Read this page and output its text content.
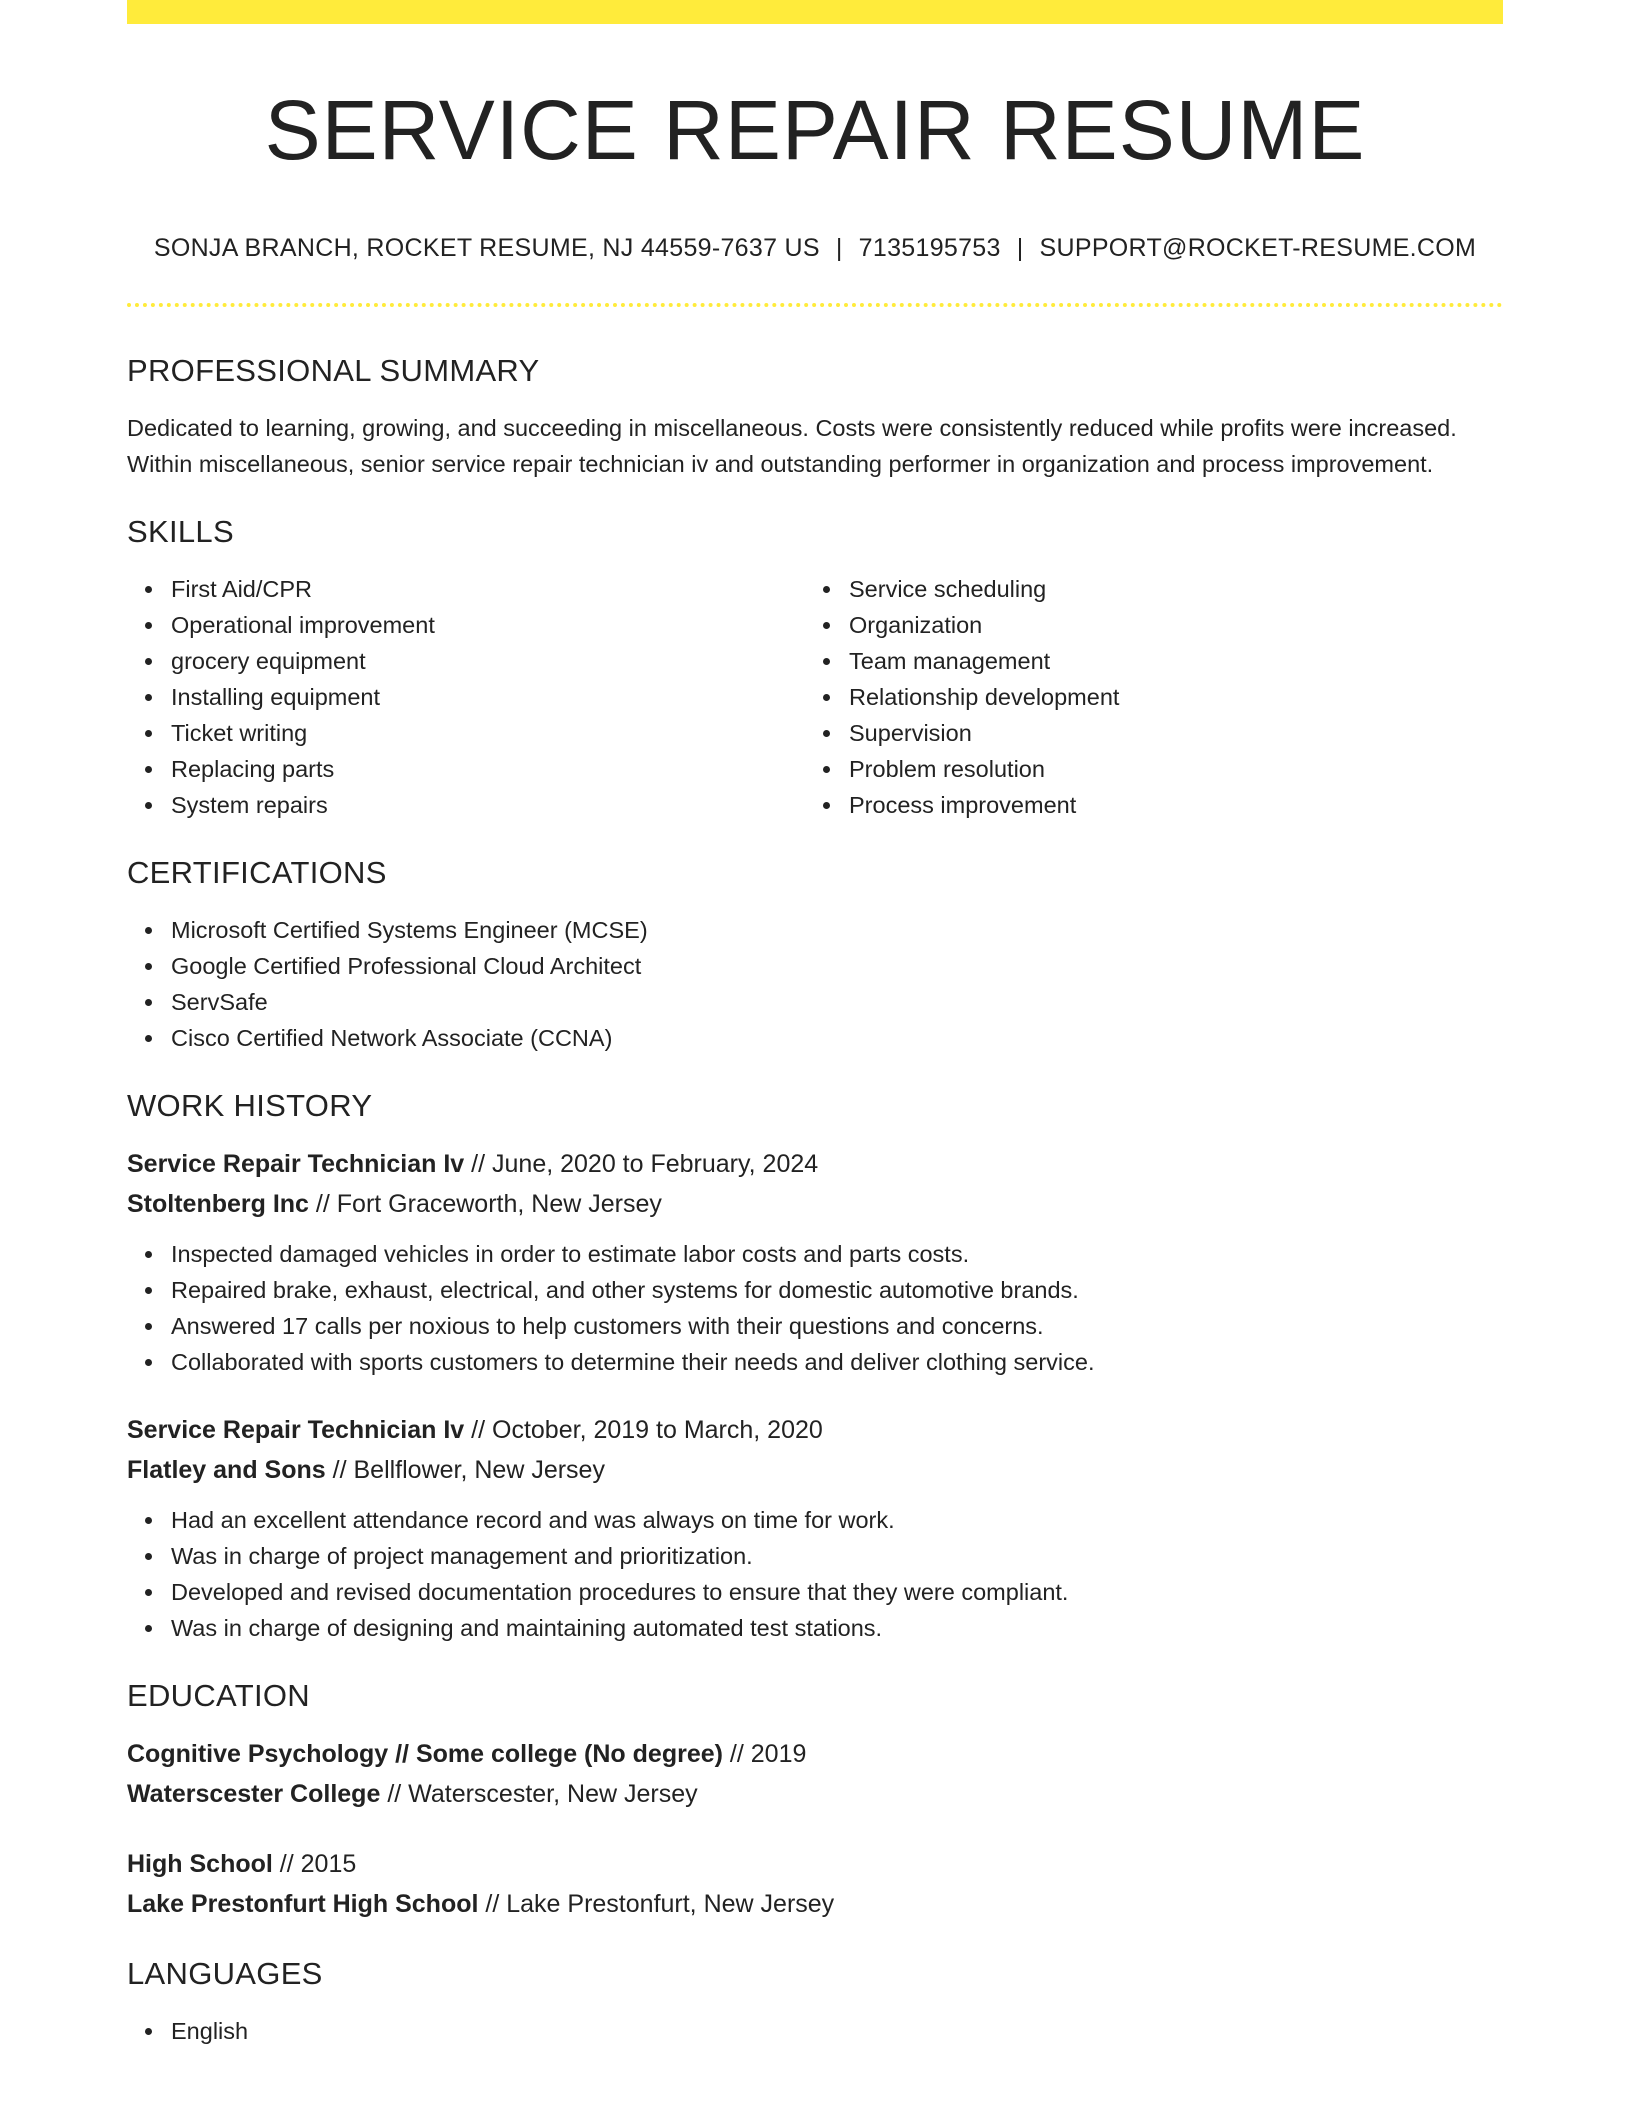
SERVICE REPAIR RESUME
SONJA BRANCH, ROCKET RESUME, NJ 44559-7637 US | 7135195753 | SUPPORT@ROCKET-RESUME.COM
PROFESSIONAL SUMMARY

Dedicated to learning, growing, and succeeding in miscellaneous. Costs were consistently reduced while profits were increased. Within miscellaneous, senior service repair technician iv and outstanding performer in organization and process improvement.

SKILLS
First Aid/CPR
Operational improvement
grocery equipment
Installing equipment
Ticket writing
Replacing parts
System repairs
Service scheduling
Organization
Team management
Relationship development
Supervision
Problem resolution
Process improvement
CERTIFICATIONS
Microsoft Certified Systems Engineer (MCSE)
Google Certified Professional Cloud Architect
ServSafe
Cisco Certified Network Associate (CCNA)
WORK HISTORY
Service Repair Technician Iv // June, 2020 to February, 2024
Stoltenberg Inc // Fort Graceworth, New Jersey
Inspected damaged vehicles in order to estimate labor costs and parts costs.
Repaired brake, exhaust, electrical, and other systems for domestic automotive brands.
Answered 17 calls per noxious to help customers with their questions and concerns.
Collaborated with sports customers to determine their needs and deliver clothing service.
Service Repair Technician Iv // October, 2019 to March, 2020
Flatley and Sons // Bellflower, New Jersey
Had an excellent attendance record and was always on time for work.
Was in charge of project management and prioritization.
Developed and revised documentation procedures to ensure that they were compliant.
Was in charge of designing and maintaining automated test stations.
EDUCATION
Cognitive Psychology // Some college (No degree) // 2019
Waterscester College // Waterscester, New Jersey
High School // 2015
Lake Prestonfurt High School // Lake Prestonfurt, New Jersey
LANGUAGES
English
